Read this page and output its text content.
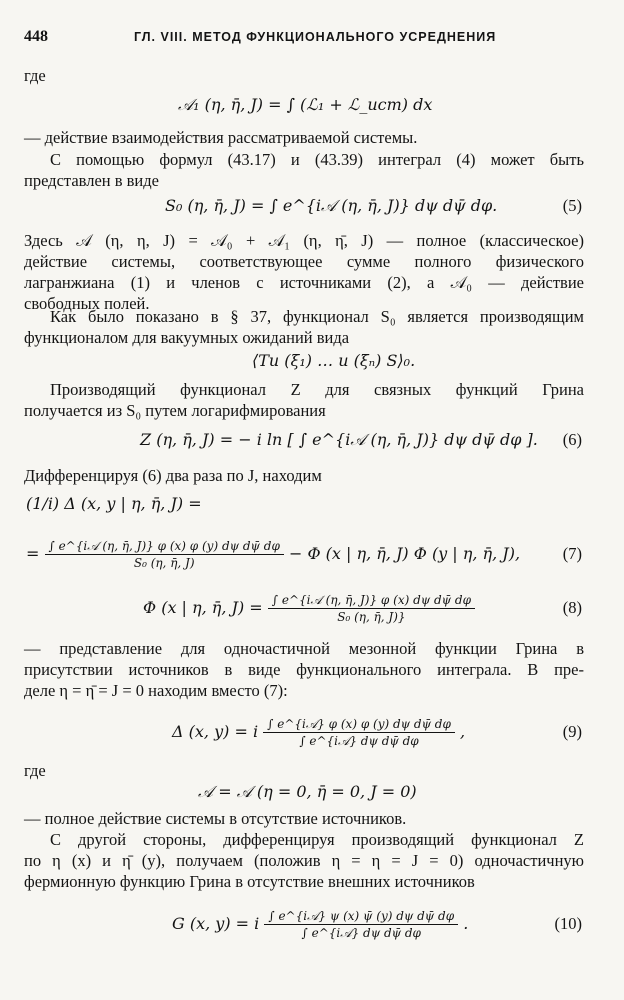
448	ГЛ. VIII. МЕТОД ФУНКЦИОНАЛЬНОГО УСРЕДНЕНИЯ
где
𝒜₁ (η, η̄, J) = ∫ (ℒ₁ + ℒ_ист) dx
— действие взаимодействия рассматриваемой системы.
С помощью формул (43.17) и (43.39) интеграл (4) может быть
представлен в виде
S₀ (η, η̄, J) = ∫ e^{i𝒜 (η, η̄, J)} dψ dψ̄ dφ.	(5)
Здесь 𝒜 (η, η, J) = 𝒜₀ + 𝒜₁ (η, η̄, J) — полное (классическое)
действие системы, соответствующее сумме полного физического
лагранжиана (1) и членов с источниками (2), а 𝒜₀ — действие
свободных полей.
Как было показано в § 37, функционал S₀ является производящим
функционалом для вакуумных ожиданий вида
⟨Tu (ξ₁) … u (ξₙ) S⟩₀.
Производящий функционал Z для связных функций Грина
получается из S₀ путем логарифмирования
Z (η, η̄, J) = − i ln [ ∫ e^{i𝒜 (η, η̄, J)} dψ dψ̄ dφ ]. (6)
Дифференцируя (6) два раза по J, находим
(1/i) Δ (x, y | η, η̄, J) =
= $\frac{\text{∫ e\textasciicircum{}\{i𝒜 (η, η̄, J)\} φ (x) φ (y) dψ dψ̄ dφ}}{\text{S₀ (η, η̄, J)}} - \Phi$ (x | η, η̄, J) Φ (y | η, η̄, J),	(7)
Φ (x | η, η̄, $J) = \frac{\text{∫ e\textasciicircum{}\{i𝒜 (η, η̄, J)\} φ (x) dψ dψ̄ dφ}}{\text{S₀ (η, η̄, J)\}}}$	(8)
— представление для одночастичной мезонной функции Грина в
присутствии источников в виде функционального интеграла. В пре-
деле η = η̄ = J = 0 находим вместо (7):
Δ (x, y) = i $\frac{\text{∫ e\textasciicircum{}\{i𝒜\} φ (x) φ (y) dψ dψ̄ dφ}}{\text{∫ e\textasciicircum{}\{i𝒜\} dψ dψ̄ dφ}}$ ,	(9)
где
𝒜 = 𝒜 (η = 0, η̄ = 0, J = 0)
— полное действие системы в отсутствие источников.
С другой стороны, дифференцируя производящий функционал Z
по η (x) и η̄ (y), получаем (положив η = η = J = 0) одночастичную
фермионную функцию Грина в отсутствие внешних источников
G (x, y) = i $\frac{\text{∫ e\textasciicircum{}\{i𝒜\} ψ (x) ψ̄ (y) dψ dψ̄ dφ}}{\text{∫ e\textasciicircum{}\{i𝒜\} dψ dψ̄ dφ}}$ .	(10)
